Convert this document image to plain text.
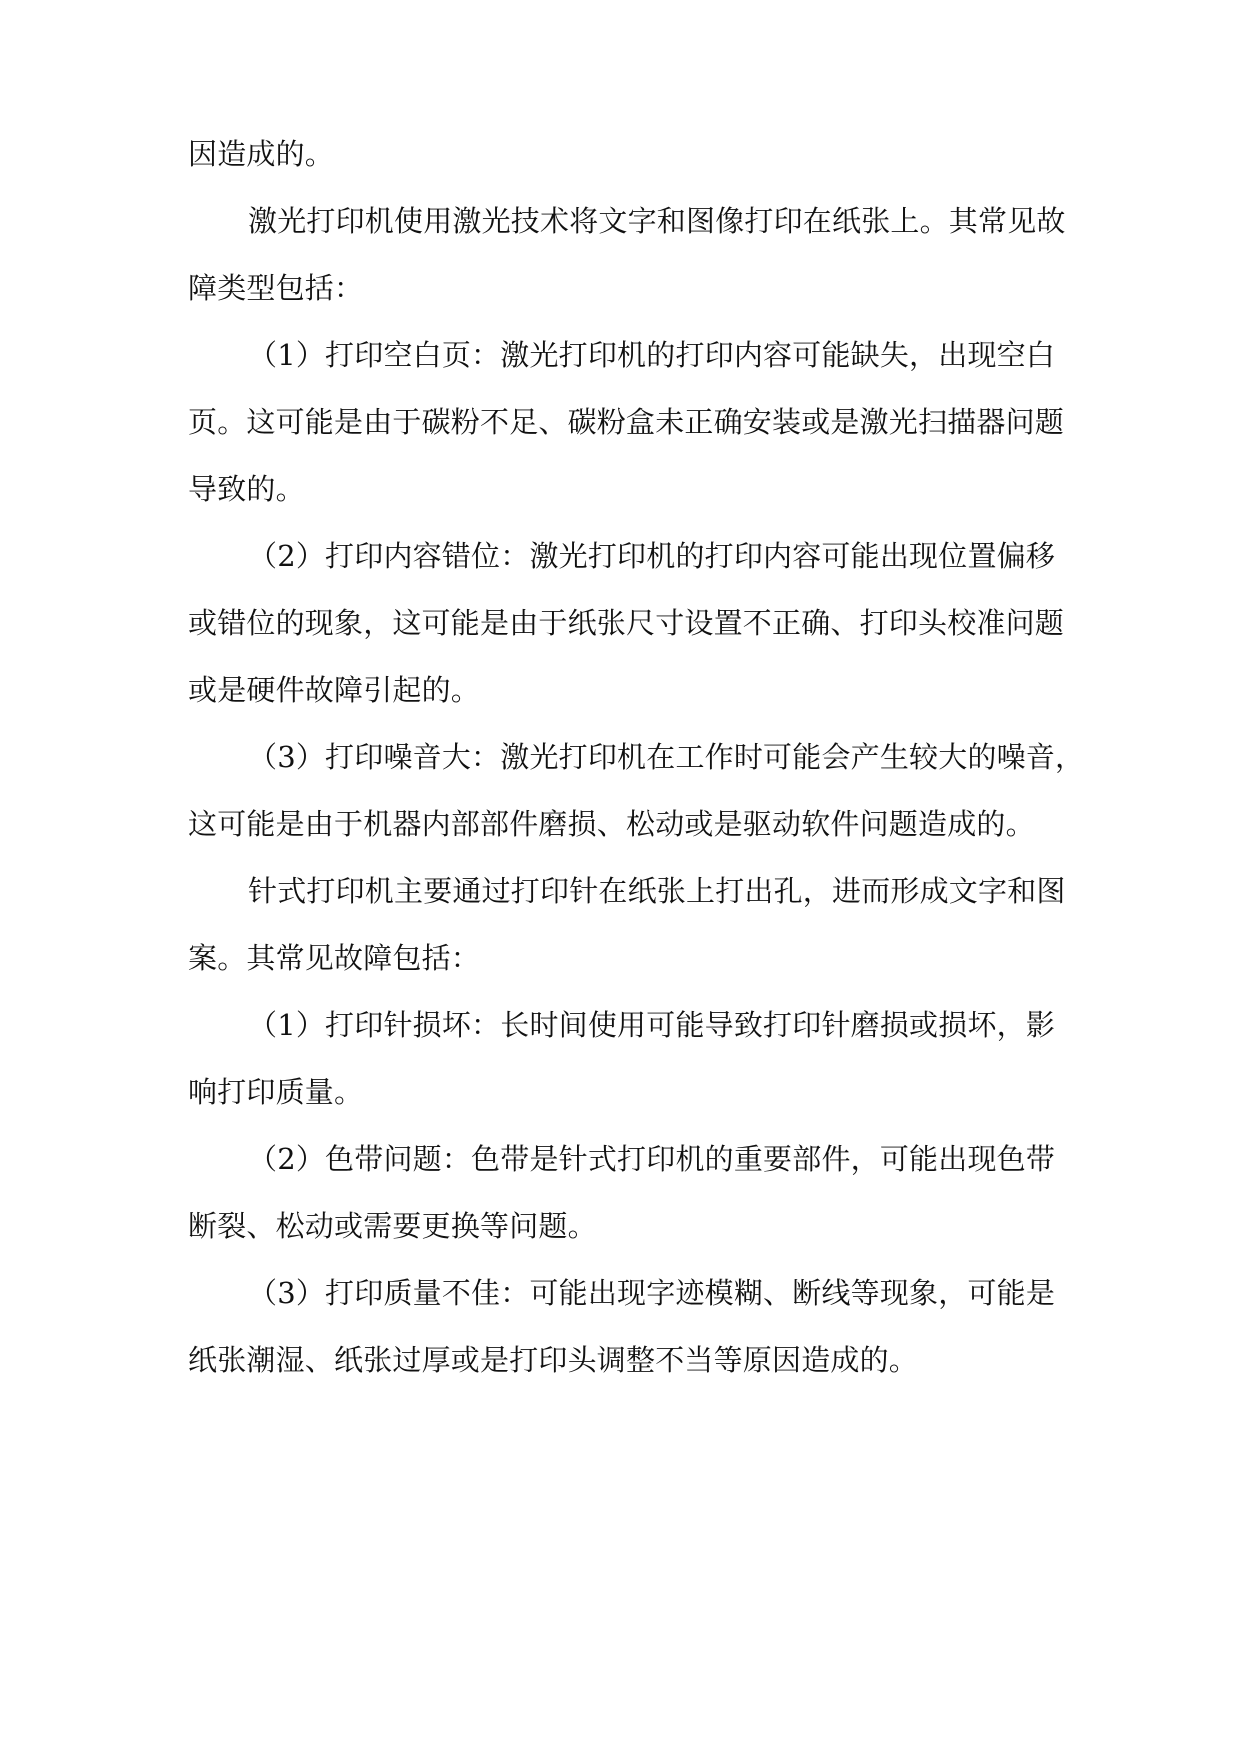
因造成的。
激光打印机使用激光技术将文字和图像打印在纸张上。其常见故
障类型包括：
（1）打印空白页：激光打印机的打印内容可能缺失，出现空白
页。这可能是由于碳粉不足、碳粉盒未正确安装或是激光扫描器问题
导致的。
（2）打印内容错位：激光打印机的打印内容可能出现位置偏移
或错位的现象，这可能是由于纸张尺寸设置不正确、打印头校准问题
或是硬件故障引起的。
（3）打印噪音大：激光打印机在工作时可能会产生较大的噪音，
这可能是由于机器内部部件磨损、松动或是驱动软件问题造成的。
针式打印机主要通过打印针在纸张上打出孔，进而形成文字和图
案。其常见故障包括：
（1）打印针损坏：长时间使用可能导致打印针磨损或损坏，影
响打印质量。
（2）色带问题：色带是针式打印机的重要部件，可能出现色带
断裂、松动或需要更换等问题。
（3）打印质量不佳：可能出现字迹模糊、断线等现象，可能是
纸张潮湿、纸张过厚或是打印头调整不当等原因造成的。
